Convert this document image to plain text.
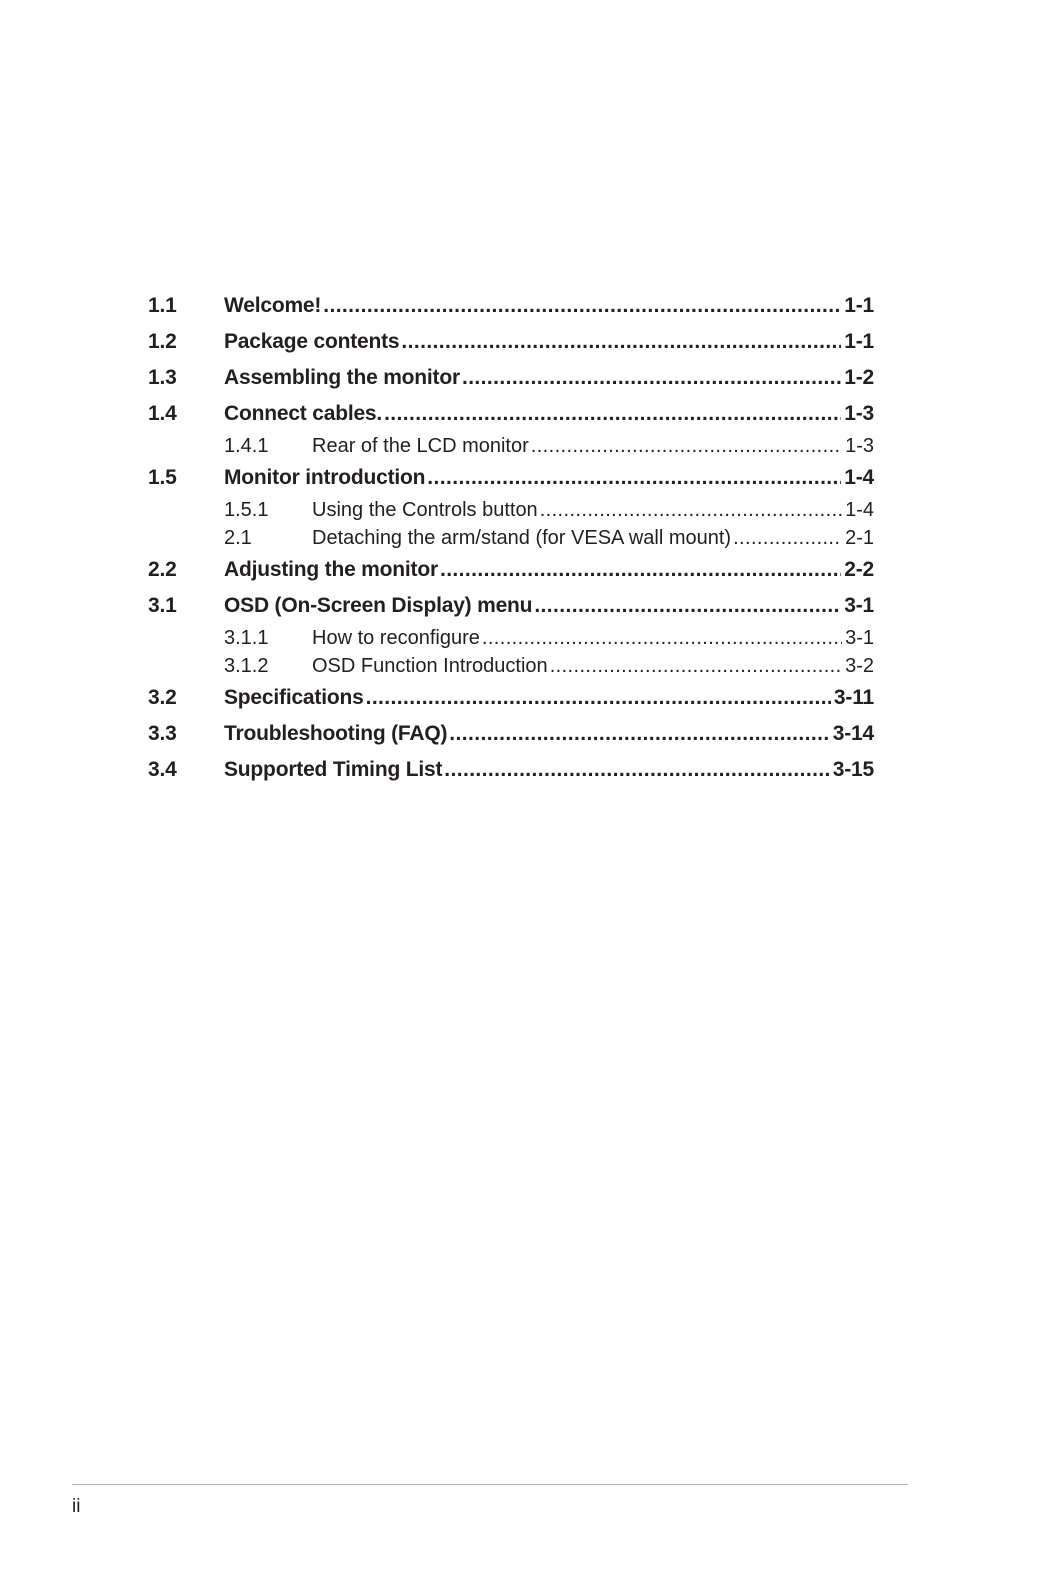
1.1	Welcome! .....	1-1
1.2	Package contents .....	1-1
1.3	Assembling the monitor .....	1-2
1.4	Connect cables. .....	1-3
1.4.1	Rear of the LCD monitor .....	1-3
1.5	Monitor introduction .....	1-4
1.5.1	Using the Controls button .....	1-4
2.1	Detaching the arm/stand (for VESA wall mount) .....	2-1
2.2	Adjusting the monitor .....	2-2
3.1	OSD (On-Screen Display) menu .....	3-1
3.1.1	How to reconfigure .....	3-1
3.1.2	OSD Function Introduction .....	3-2
3.2	Specifications .....	3-11
3.3	Troubleshooting (FAQ) .....	3-14
3.4	Supported Timing List .....	3-15
ii
